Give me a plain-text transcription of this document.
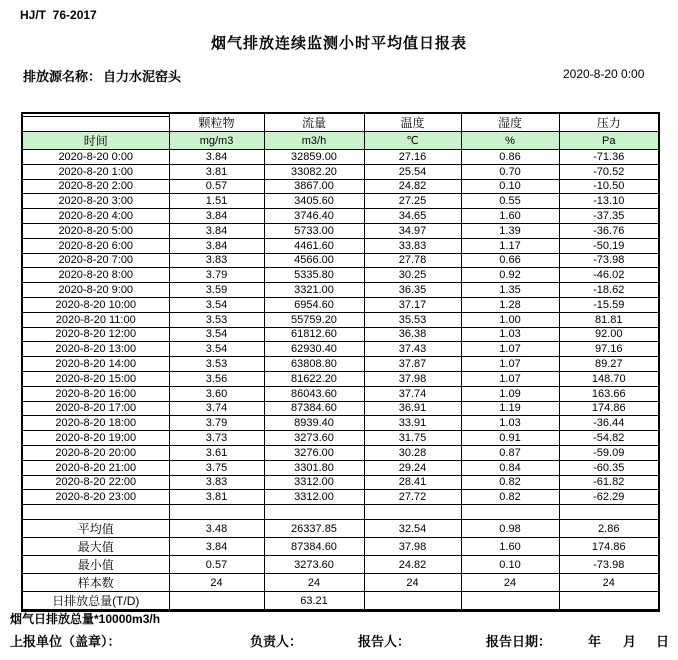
HJ/T  76-2017
烟气排放连续监测小时平均值日报表
排放源名称： 自力水泥窑头	2020-8-20 0:00
	颗粒物	流量	温度	湿度	压力

时间	mg/m3	m3/h	℃	%	Pa
2020-8-20 0:00	3.84	32859.00	27.16	0.86	-71.36
2020-8-20 1:00	3.81	33082.20	25.54	0.70	-70.52
2020-8-20 2:00	0.57	3867.00	24.82	0.10	-10.50
2020-8-20 3:00	1.51	3405.60	27.25	0.55	-13.10
2020-8-20 4:00	3.84	3746.40	34.65	1.60	-37.35
2020-8-20 5:00	3.84	5733.00	34.97	1.39	-36.76
2020-8-20 6:00	3.84	4461.60	33.83	1.17	-50.19
2020-8-20 7:00	3.83	4566.00	27.78	0.66	-73.98
2020-8-20 8:00	3.79	5335.80	30.25	0.92	-46.02
2020-8-20 9:00	3.59	3321.00	36.35	1.35	-18.62
2020-8-20 10:00	3.54	6954.60	37.17	1.28	-15.59
2020-8-20 11:00	3.53	55759.20	35.53	1.00	81.81
2020-8-20 12:00	3.54	61812.60	36.38	1.03	92.00
2020-8-20 13:00	3.54	62930.40	37.43	1.07	97.16
2020-8-20 14:00	3.53	63808.80	37.87	1.07	89.27
2020-8-20 15:00	3.56	81622.20	37.98	1.07	148.70
2020-8-20 16:00	3.60	86043.60	37.74	1.09	163.66
2020-8-20 17:00	3.74	87384.60	36.91	1.19	174.86
2020-8-20 18:00	3.79	8939.40	33.91	1.03	-36.44
2020-8-20 19:00	3.73	3273.60	31.75	0.91	-54.82
2020-8-20 20:00	3.61	3276.00	30.28	0.87	-59.09
2020-8-20 21:00	3.75	3301.80	29.24	0.84	-60.35
2020-8-20 22:00	3.83	3312.00	28.41	0.82	-61.82
2020-8-20 23:00	3.81	3312.00	27.72	0.82	-62.29

平均值	3.48	26337.85	32.54	0.98	2.86
最大值	3.84	87384.60	37.98	1.60	174.86
最小值	0.57	3273.60	24.82	0.10	-73.98
样本数	24	24	24	24	24
日排放总量(T/D)		63.21			
烟气日排放总量*10000m3/h
上报单位（盖章）：	负责人：	报告人：	报告日期：	年 月 日
